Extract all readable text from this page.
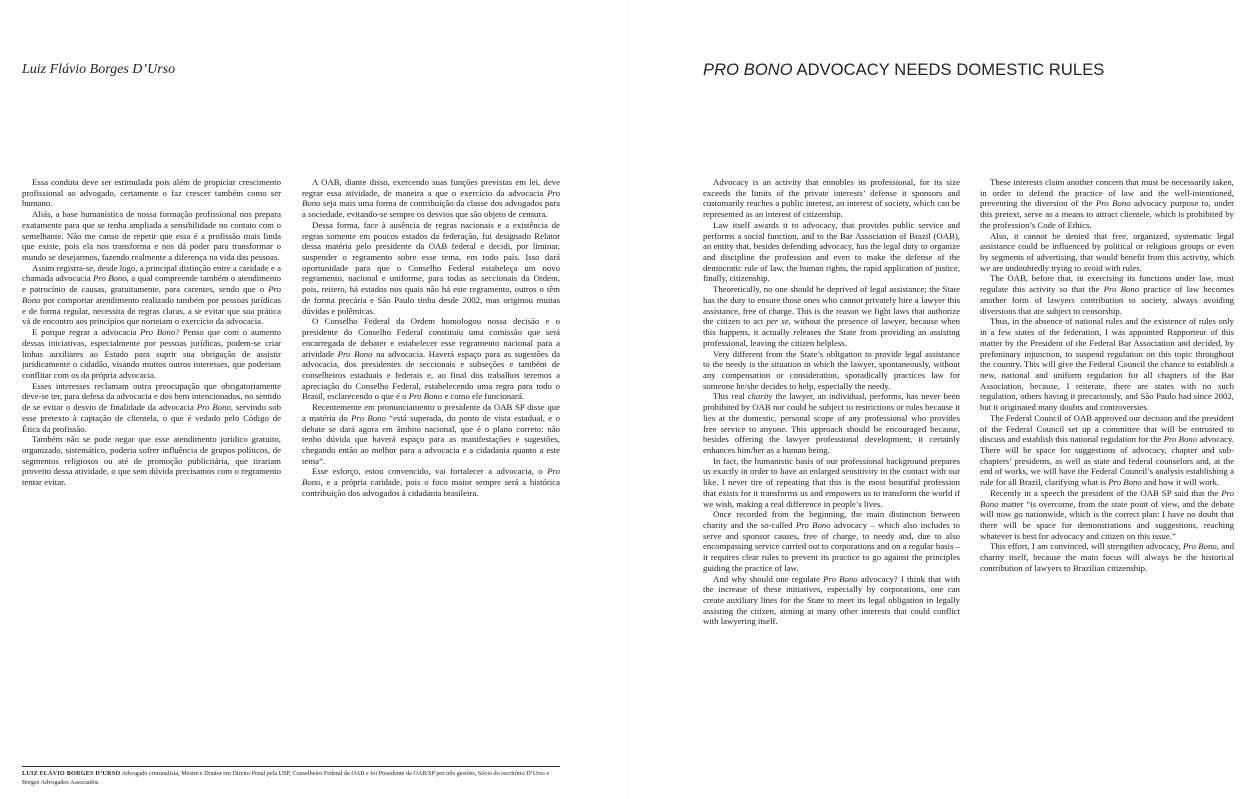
Luiz Flávio Borges D’Urso

Essa conduta deve ser estimulada pois além de propiciar crescimento profissional ao advogado, certamente o faz crescer também como ser humano.

Aliás, a base humanística de nossa formação profissional nos prepara exatamente para que se tenha ampliada a sensibilidade no contato com o semelhante. Não me canso de repetir que essa é a profissão mais linda que existe, pois ela nos transforma e nos dá poder para transformar o mundo se desejarmos, fazendo realmente a diferença na vida das pessoas.

Assim registra-se, desde logo, a principal distinção entre a caridade e a chamada advocacia Pro Bono, a qual compreende também o atendimento e patrocínio de causas, gratuitamente, para carentes, sendo que o Pro Bono por comportar atendimento realizado também por pessoas jurídicas e de forma regular, necessita de regras claras, a se evitar que sua prática vá de encontro aos princípios que norteiam o exercício da advocacia.

E porque regrar a advocacia Pro Bono? Penso que com o aumento dessas iniciativas, especialmente por pessoas jurídicas, podem-se criar linhas auxiliares ao Estado para suprir sua obrigação de assistir juridicamente o cidadão, visando muitos outros interesses, que poderiam conflitar com os da própria advocacia.

Esses interesses reclamam outra preocupação que obrigatoriamente deve-se ter, para defesa da advocacia e dos bem intencionados, no sentido de se evitar o desvio de finalidade da advocacia Pro Bono, servindo sob esse pretexto à captação de clientela, o que é vedado pelo Código de Ética da profissão.

Também não se pode negar que esse atendimento jurídico gratuito, organizado, sistemático, poderia sofrer influência de grupos políticos, de segmentos religiosos ou até de promoção publicitária, que tirariam proveito dessa atividade, o que sem dúvida precisamos com o regramento tentar evitar.

A OAB, diante disso, exercendo suas funções previstas em lei, deve regrar essa atividade, de maneira a que o exercício da advocacia Pro Bono seja mais uma forma de contribuição da classe dos advogados para a sociedade, evitando-se sempre os desvios que são objeto de censura.

Dessa forma, face à ausência de regras nacionais e a existência de regras somente em poucos estados da federação, fui designado Relator dessa matéria pelo presidente da OAB federal e decidi, por liminar, suspender o regramento sobre esse tema, em todo país. Isso dará oportunidade para que o Conselho Federal estabeleça um novo regramento, nacional e uniforme, para todas as seccionais da Ordem, pois, reitero, há estados nos quais não há este regramento, outros o têm de forma precária e São Paulo tinha desde 2002, mas originou muitas dúvidas e polêmicas.

O Conselho Federal da Ordem homologou nossa decisão e o presidente do Conselho Federal constituiu uma comissão que será encarregada de debater e estabelecer esse regramento nacional para a atividade Pro Bono na advocacia. Haverá espaço para as sugestões da advocacia, dos presidentes de seccionais e subseções e também de conselheiros estaduais e federais e, ao final dos trabalhos teremos a apreciação do Conselho Federal, estabelecendo uma regra para todo o Brasil, esclarecendo o que é o Pro Bono e como ele funcionará.

Recentemente em pronunciamento o presidente da OAB SP disse que a matéria do Pro Bono “está superada, do ponto de vista estadual, e o debate se dará agora em âmbito nacional, que é o plano correto: não tenho dúvida que haverá espaço para as manifestações e sugestões, chegando então ao melhor para a advocacia e a cidadania quanto a este tema”.

Esse esforço, estou convencido, vai fortalecer a advocacia, o Pro Bono, e a própria caridade, pois o foco maior sempre será a histórica contribuição dos advogados à cidadania brasileira.

LUIZ FLÁVIO BORGES D’URSO Advogado criminalista, Mestre e Doutor em Direito Penal pela USP, Conselheiro Federal da OAB e foi Presidente da OAB/SP por três gestões, Sócio do escritório D’Urso e Borges Advogados Associados.
PRO BONO ADVOCACY NEEDS DOMESTIC RULES

Advocacy is an activity that ennobles its professional, for its size exceeds the limits of the private interests’ defense it sponsors and customarily reaches a public interest, an interest of society, which can be represented as an interest of citizenship.

Law itself awards it to advocacy, that provides public service and performs a social function, and to the Bar Association of Brazil (OAB), an entity that, besides defending advocacy, has the legal duty to organize and discipline the profession and even to make the defense of the democratic rule of law, the human rights, the rapid application of justice, finally, citizenship.

Theoretically, no one should be deprived of legal assistance; the State has the duty to ensure those ones who cannot privately hire a lawyer this assistance, free of charge. This is the reason we fight laws that authorize the citizen to act per se, without the presence of lawyer, because when this happens, it actually releases the State from providing an assisting professional, leaving the citizen helpless.

Very different from the State’s obligation to provide legal assistance to the needy is the situation in which the lawyer, spontaneously, without any compensation or consideration, sporadically practices law for someone he/she decides to help, especially the needy.

This real charity the lawyer, an individual, performs, has never been prohibited by OAB nor could be subject to restrictions or rules because it lies at the domestic, personal scope of any professional who provides free service to anyone. This approach should be encouraged because, besides offering the lawyer professional development, it certainly enhances him/her as a human being.

In fact, the humanistic basis of our professional background prepares us exactly in order to have an enlarged sensitivity in the contact with our like. I never tire of repeating that this is the most beautiful profession that exists for it transforms us and empowers us to transform the world if we wish, making a real difference in people’s lives.

Once recorded from the beginning, the main distinction between charity and the so-called Pro Bono advocacy – which also includes to serve and sponsor causes, free of charge, to needy and, due to also encompassing service carried out to corporations and on a regular basis – it requires clear rules to prevent its practice to go against the principles guiding the practice of law.

And why should one regulate Pro Bono advocacy? I think that with the increase of these initiatives, especially by corporations, one can create auxiliary lines for the State to meet its legal obligation in legally assisting the citizen, aiming at many other interests that could conflict with lawyering itself.

These interests claim another concern that must be necessarily taken, in order to defend the practice of law and the well-intentioned, preventing the diversion of the Pro Bono advocacy purpose to, under this pretext, serve as a means to attract clientele, which is prohibited by the profession’s Code of Ethics.

Also, it cannot be denied that free, organized, systematic legal assistance could be influenced by political or religious groups or even by segments of advertising, that would benefit from this activity, which we are undoubtedly trying to avoid with rules.

The OAB, before that, in exercising its functions under law, must regulate this activity so that the Pro Bono practice of law becomes another form of lawyers contribution to society, always avoiding diversions that are subject to censorship.

Thus, in the absence of national rules and the existence of rules only in a few states of the federation, I was appointed Rapporteur of this matter by the President of the Federal Bar Association and decided, by preliminary injunction, to suspend regulation on this topic throughout the country. This will give the Federal Council the chance to establish a new, national and uniform regulation for all chapters of the Bar Association, because, I reiterate, there are states with no such regulation, others having it precariously, and São Paulo had since 2002, but it originated many doubts and controversies.

The Federal Council of OAB approved our decision and the president of the Federal Council set up a committee that will be entrusted to discuss and establish this national regulation for the Pro Bono advocacy. There will be space for suggestions of advocacy, chapter and sub-chapters’ presidents, as well as state and federal counselors and, at the end of works, we will have the Federal Council’s analysis establishing a rule for all Brazil, clarifying what is Pro Bono and how it will work.

Recently in a speech the president of the OAB SP said that the Pro Bono matter “is overcome, from the state point of view, and the debate will now go nationwide, which is the correct plan: I have no doubt that there will be space for demonstrations and suggestions, reaching whatever is best for advocacy and citizen on this issue.”

This effort, I am convinced, will strengthen advocacy, Pro Bono, and charity itself, because the main focus will always be the historical contribution of lawyers to Brazilian citizenship.
